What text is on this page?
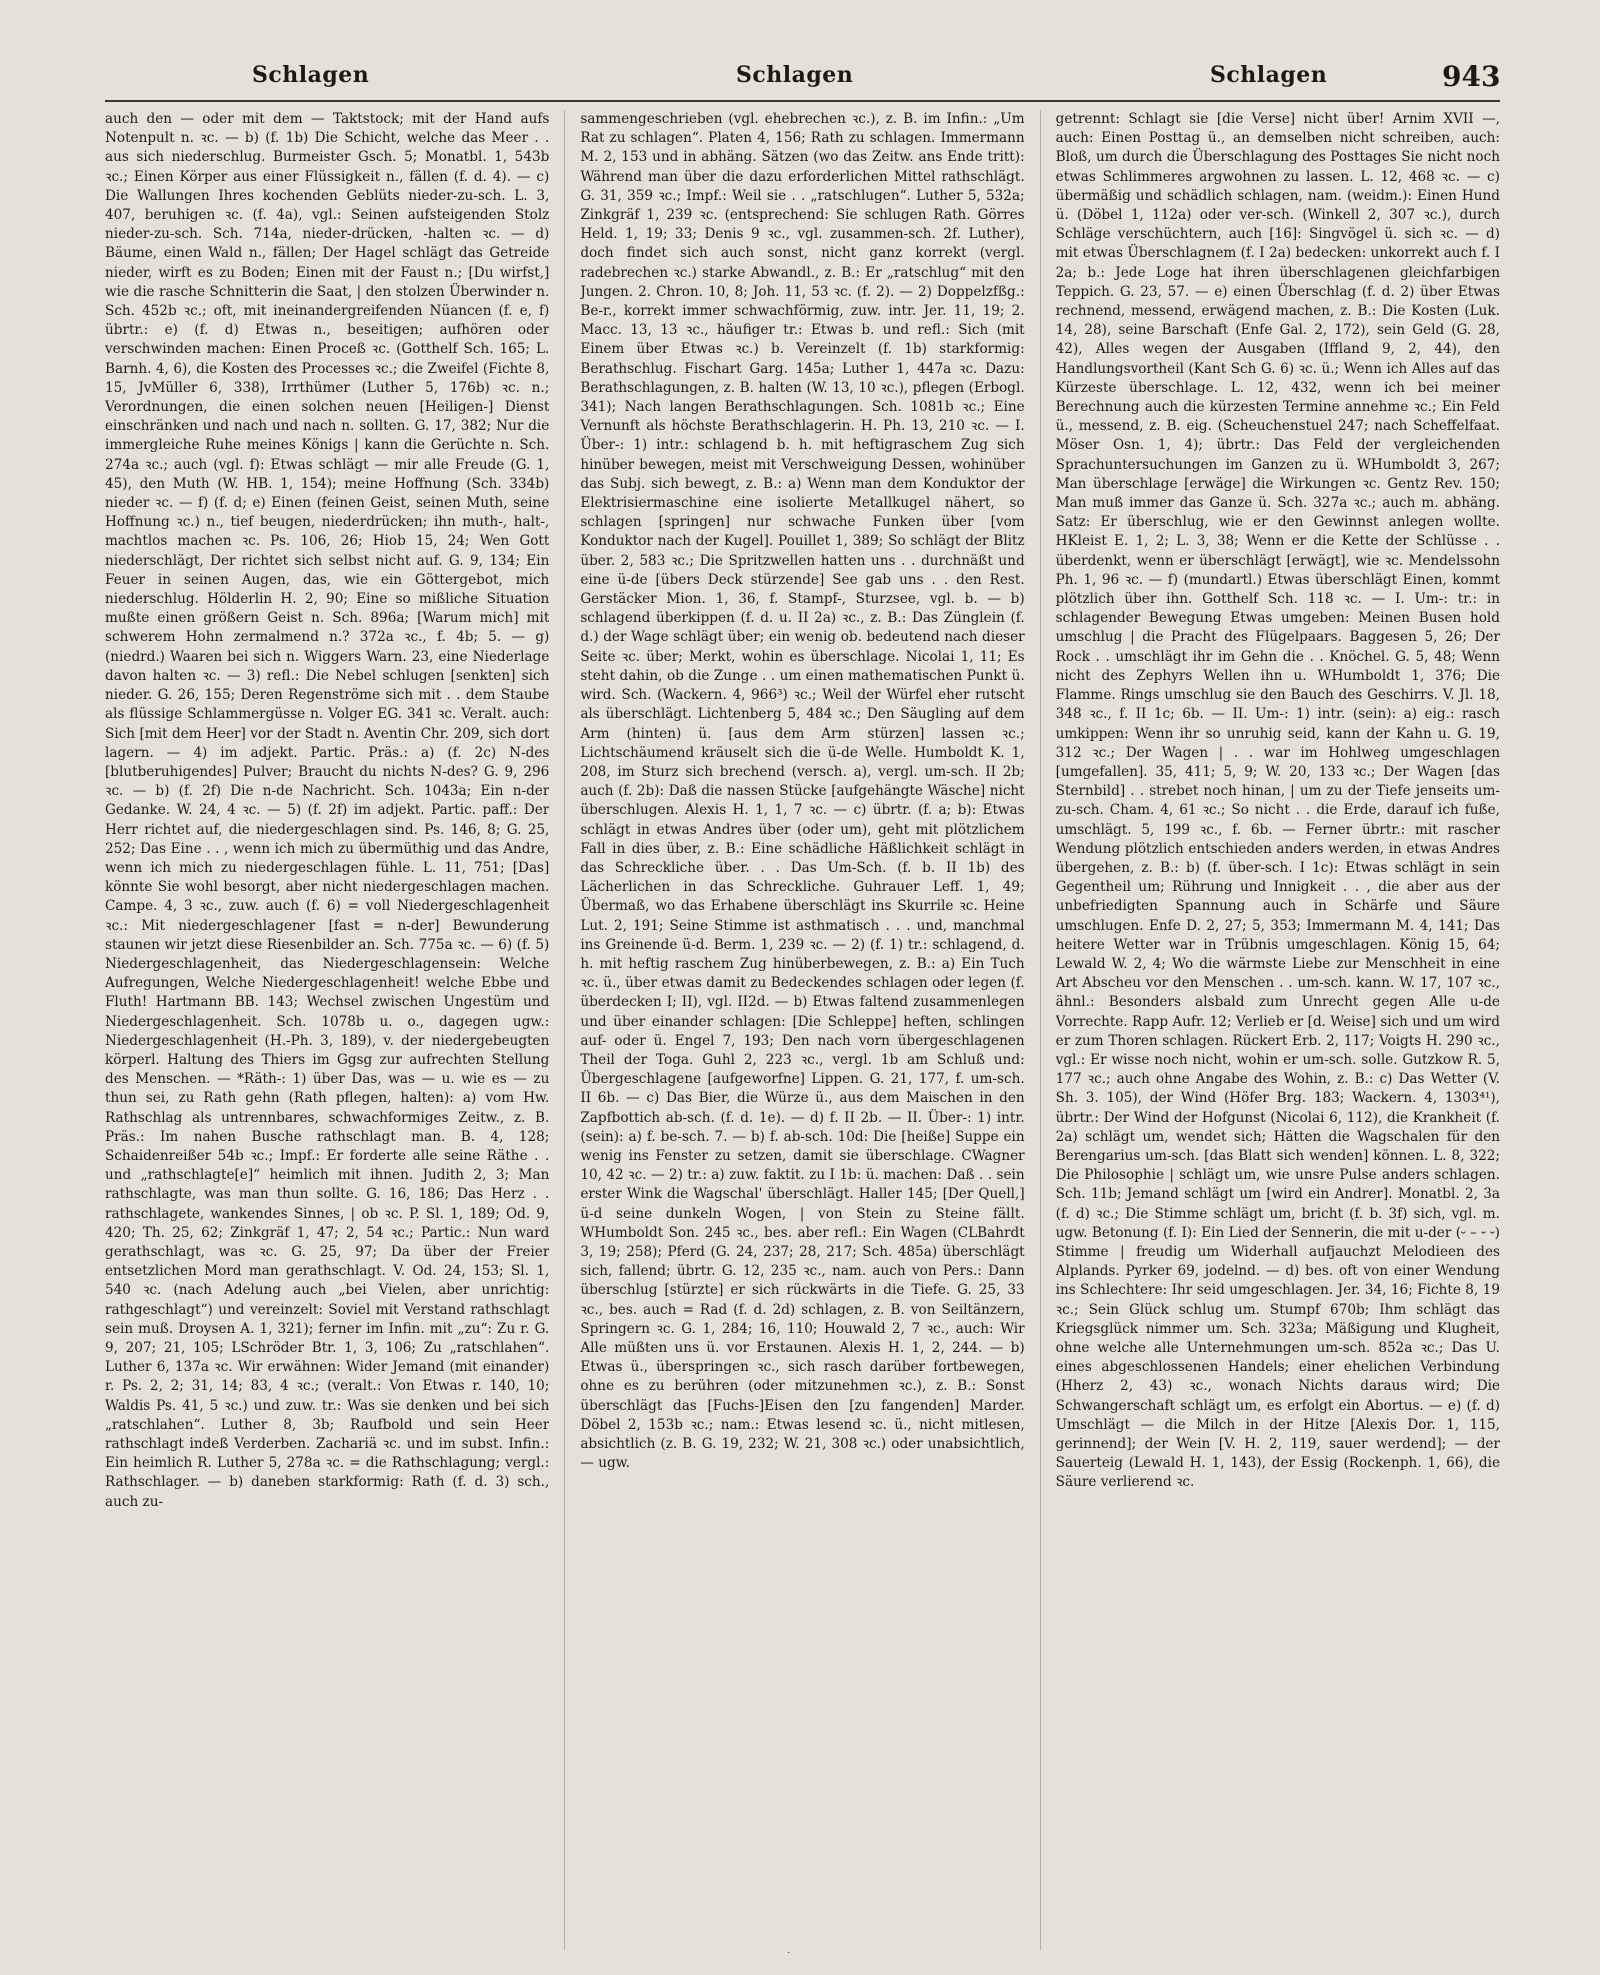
Schlagen	Schlagen	Schlagen	943

auch den — oder mit dem — Taktstock; mit der Hand aufs Notenpult n. ꝛc. — b) (f. 1b) Die Schicht, welche das Meer . . aus sich niederschlug. Burmeister Gsch. 5; Monatbl. 1, 543b ꝛc.; Einen Körper aus einer Flüssigkeit n., fällen (f. d. 4). — c) Die Wallungen Ihres kochenden Geblüts nieder-zu-sch. L. 3, 407, beruhigen ꝛc. (f. 4a), vgl.: Seinen aufsteigenden Stolz nieder-zu-sch. Sch. 714a, nieder-drücken, -halten ꝛc. — d) Bäume, einen Wald n., fällen; Der Hagel schlägt das Getreide nieder, wirft es zu Boden; Einen mit der Faust n.; [Du wirfst,] wie die rasche Schnitterin die Saat, | den stolzen Überwinder n. Sch. 452b ꝛc.; oft, mit ineinandergreifenden Nüancen (f. e, f) übrtr.: e) (f. d) Etwas n., beseitigen; aufhören oder verschwinden machen: Einen Proceß ꝛc. (Gotthelf Sch. 165; L. Barnh. 4, 6), die Kosten des Processes ꝛc.; die Zweifel (Fichte 8, 15, JvMüller 6, 338), Irrthümer (Luther 5, 176b) ꝛc. n.; Verordnungen, die einen solchen neuen [Heiligen-] Dienst einschränken und nach und nach n. sollten. G. 17, 382; Nur die immergleiche Ruhe meines Königs | kann die Gerüchte n. Sch. 274a ꝛc.; auch (vgl. f): Etwas schlägt — mir alle Freude (G. 1, 45), den Muth (W. HB. 1, 154); meine Hoffnung (Sch. 334b) nieder ꝛc. — f) (f. d; e) Einen (feinen Geist, seinen Muth, seine Hoffnung ꝛc.) n., tief beugen, niederdrücken; ihn muth-, halt-, machtlos machen ꝛc. Ps. 106, 26; Hiob 15, 24; Wen Gott niederschlägt, Der richtet sich selbst nicht auf. G. 9, 134; Ein Feuer in seinen Augen, das, wie ein Göttergebot, mich niederschlug. Hölderlin H. 2, 90; Eine so mißliche Situation mußte einen größern Geist n. Sch. 896a; [Warum mich] mit schwerem Hohn zermalmend n.? 372a ꝛc., f. 4b; 5. — g) (niedrd.) Waaren bei sich n. Wiggers Warn. 23, eine Niederlage davon halten ꝛc. — 3) refl.: Die Nebel schlugen [senkten] sich nieder. G. 26, 155; Deren Regenströme sich mit . . dem Staube als flüssige Schlammergüsse n. Volger EG. 341 ꝛc. Veralt. auch: Sich [mit dem Heer] vor der Stadt n. Aventin Chr. 209, sich dort lagern. — 4) im adjekt. Partic. Präs.: a) (f. 2c) N-des [blutberuhigendes] Pulver; Braucht du nichts N-des? G. 9, 296 ꝛc. — b) (f. 2f) Die n-de Nachricht. Sch. 1043a; Ein n-der Gedanke. W. 24, 4 ꝛc. — 5) (f. 2f) im adjekt. Partic. paff.: Der Herr richtet auf, die niedergeschlagen sind. Ps. 146, 8; G. 25, 252; Das Eine . . , wenn ich mich zu übermüthig und das Andre, wenn ich mich zu niedergeschlagen fühle. L. 11, 751; [Das] könnte Sie wohl besorgt, aber nicht niedergeschlagen machen. Campe. 4, 3 ꝛc., zuw. auch (f. 6) = voll Niedergeschlagenheit ꝛc.: Mit niedergeschlagener [fast = n-der] Bewunderung staunen wir jetzt diese Riesenbilder an. Sch. 775a ꝛc. — 6) (f. 5) Niedergeschlagenheit, das Niedergeschlagensein: Welche Aufregungen, Welche Niedergeschlagenheit! welche Ebbe und Fluth! Hartmann BB. 143; Wechsel zwischen Ungestüm und Niedergeschlagenheit. Sch. 1078b u. o., dagegen ugw.: Niedergeschlagenheit (H.-Ph. 3, 189), v. der niedergebeugten körperl. Haltung des Thiers im Ggsg zur aufrechten Stellung des Menschen. — *Räth-: 1) über Das, was — u. wie es — zu thun sei, zu Rath gehn (Rath pflegen, halten): a) vom Hw. Rathschlag als untrennbares, schwachformiges Zeitw., z. B. Präs.: Im nahen Busche rathschlagt man. B. 4, 128; Schaidenreißer 54b ꝛc.; Impf.: Er forderte alle seine Räthe . . und „rathschlagte[e]“ heimlich mit ihnen. Judith 2, 3; Man rathschlagte, was man thun sollte. G. 16, 186; Das Herz . . rathschlagete, wankendes Sinnes, | ob ꝛc. P. Sl. 1, 189; Od. 9, 420; Th. 25, 62; Zinkgräf 1, 47; 2, 54 ꝛc.; Partic.: Nun ward gerathschlagt, was ꝛc. G. 25, 97; Da über der Freier entsetzlichen Mord man gerathschlagt. V. Od. 24, 153; Sl. 1, 540 ꝛc. (nach Adelung auch „bei Vielen, aber unrichtig: rathgeschlagt“) und vereinzelt: Soviel mit Verstand rathschlagt sein muß. Droysen A. 1, 321); ferner im Infin. mit „zu“: Zu r. G. 9, 207; 21, 105; LSchröder Btr. 1, 3, 106; Zu „ratschlahen“. Luther 6, 137a ꝛc. Wir erwähnen: Wider Jemand (mit einander) r. Ps. 2, 2; 31, 14; 83, 4 ꝛc.; (veralt.: Von Etwas r. 140, 10; Waldis Ps. 41, 5 ꝛc.) und zuw. tr.: Was sie denken und bei sich „ratschlahen“. Luther 8, 3b; Raufbold und sein Heer rathschlagt indeß Verderben. Zachariä ꝛc. und im subst. Infin.: Ein heimlich R. Luther 5, 278a ꝛc. = die Rathschlagung; vergl.: Rathschlager. — b) daneben starkformig: Rath (f. d. 3) sch., auch zu-

sammengeschrieben (vgl. ehebrechen ꝛc.), z. B. im Infin.: „Um Rat zu schlagen“. Platen 4, 156; Rath zu schlagen. Immermann M. 2, 153 und in abhäng. Sätzen (wo das Zeitw. ans Ende tritt): Während man über die dazu erforderlichen Mittel rathschlägt. G. 31, 359 ꝛc.; Impf.: Weil sie . . „ratschlugen“. Luther 5, 532a; Zinkgräf 1, 239 ꝛc. (entsprechend: Sie schlugen Rath. Görres Held. 1, 19; 33; Denis 9 ꝛc., vgl. zusammen-sch. 2f. Luther), doch findet sich auch sonst, nicht ganz korrekt (vergl. radebrechen ꝛc.) starke Abwandl., z. B.: Er „ratschlug“ mit den Jungen. 2. Chron. 10, 8; Joh. 11, 53 ꝛc. (f. 2). — 2) Doppelzfßg.: Be-r., korrekt immer schwachförmig, zuw. intr. Jer. 11, 19; 2. Macc. 13, 13 ꝛc., häufiger tr.: Etwas b. und refl.: Sich (mit Einem über Etwas ꝛc.) b. Vereinzelt (f. 1b) starkformig: Berathschlug. Fischart Garg. 145a; Luther 1, 447a ꝛc. Dazu: Berathschlagungen, z. B. halten (W. 13, 10 ꝛc.), pflegen (Erbogl. 341); Nach langen Berathschlagungen. Sch. 1081b ꝛc.; Eine Vernunft als höchste Berathschlagerin. H. Ph. 13, 210 ꝛc. — I. Über-: 1) intr.: schlagend b. h. mit heftigraschem Zug sich hinüber bewegen, meist mit Verschweigung Dessen, wohinüber das Subj. sich bewegt, z. B.: a) Wenn man dem Konduktor der Elektrisiermaschine eine isolierte Metallkugel nähert, so schlagen [springen] nur schwache Funken über [vom Konduktor nach der Kugel]. Pouillet 1, 389; So schlägt der Blitz über. 2, 583 ꝛc.; Die Spritzwellen hatten uns . . durchnäßt und eine ü-de [übers Deck stürzende] See gab uns . . den Rest. Gerstäcker Mion. 1, 36, f. Stampf-, Sturzsee, vgl. b. — b) schlagend überkippen (f. d. u. II 2a) ꝛc., z. B.: Das Zünglein (f. d.) der Wage schlägt über; ein wenig ob. bedeutend nach dieser Seite ꝛc. über; Merkt, wohin es überschlage. Nicolai 1, 11; Es steht dahin, ob die Zunge . . um einen mathematischen Punkt ü. wird. Sch. (Wackern. 4, 966³) ꝛc.; Weil der Würfel eher rutscht als überschlägt. Lichtenberg 5, 484 ꝛc.; Den Säugling auf dem Arm (hinten) ü. [aus dem Arm stürzen] lassen ꝛc.; Lichtschäumend kräuselt sich die ü-de Welle. Humboldt K. 1, 208, im Sturz sich brechend (versch. a), vergl. um-sch. II 2b; auch (f. 2b): Daß die nassen Stücke [aufgehängte Wäsche] nicht überschlugen. Alexis H. 1, 1, 7 ꝛc. — c) übrtr. (f. a; b): Etwas schlägt in etwas Andres über (oder um), geht mit plötzlichem Fall in dies über, z. B.: Eine schädliche Häßlichkeit schlägt in das Schreckliche über. . . Das Um-Sch. (f. b. II 1b) des Lächerlichen in das Schreckliche. Guhrauer Leff. 1, 49; Übermaß, wo das Erhabene überschlägt ins Skurrile ꝛc. Heine Lut. 2, 191; Seine Stimme ist asthmatisch . . . und, manchmal ins Greinende ü-d. Berm. 1, 239 ꝛc. — 2) (f. 1) tr.: schlagend, d. h. mit heftig raschem Zug hinüberbewegen, z. B.: a) Ein Tuch ꝛc. ü., über etwas damit zu Bedeckendes schlagen oder legen (f. überdecken I; II), vgl. II2d. — b) Etwas faltend zusammenlegen und über einander schlagen: [Die Schleppe] heften, schlingen auf- oder ü. Engel 7, 193; Den nach vorn übergeschlagenen Theil der Toga. Guhl 2, 223 ꝛc., vergl. 1b am Schluß und: Übergeschlagene [aufgeworfne] Lippen. G. 21, 177, f. um-sch. II 6b. — c) Das Bier, die Würze ü., aus dem Maischen in den Zapfbottich ab-sch. (f. d. 1e). — d) f. II 2b. — II. Über-: 1) intr. (sein): a) f. be-sch. 7. — b) f. ab-sch. 10d: Die [heiße] Suppe ein wenig ins Fenster zu setzen, damit sie überschlage. CWagner 10, 42 ꝛc. — 2) tr.: a) zuw. faktit. zu I 1b: ü. machen: Daß . . sein erster Wink die Wagschal' überschlägt. Haller 145; [Der Quell,] ü-d seine dunkeln Wogen, | von Stein zu Steine fällt. WHumboldt Son. 245 ꝛc., bes. aber refl.: Ein Wagen (CLBahrdt 3, 19; 258); Pferd (G. 24, 237; 28, 217; Sch. 485a) überschlägt sich, fallend; übrtr. G. 12, 235 ꝛc., nam. auch von Pers.: Dann überschlug [stürzte] er sich rückwärts in die Tiefe. G. 25, 33 ꝛc., bes. auch = Rad (f. d. 2d) schlagen, z. B. von Seiltänzern, Springern ꝛc. G. 1, 284; 16, 110; Houwald 2, 7 ꝛc., auch: Wir Alle müßten uns ü. vor Erstaunen. Alexis H. 1, 2, 244. — b) Etwas ü., überspringen ꝛc., sich rasch darüber fortbewegen, ohne es zu berühren (oder mitzunehmen ꝛc.), z. B.: Sonst überschlägt das [Fuchs-]Eisen den [zu fangenden] Marder. Döbel 2, 153b ꝛc.; nam.: Etwas lesend ꝛc. ü., nicht mitlesen, absichtlich (z. B. G. 19, 232; W. 21, 308 ꝛc.) oder unabsichtlich, — ugw.

getrennt: Schlagt sie [die Verse] nicht über! Arnim XVII —, auch: Einen Posttag ü., an demselben nicht schreiben, auch: Bloß, um durch die Überschlagung des Posttages Sie nicht noch etwas Schlimmeres argwohnen zu lassen. L. 12, 468 ꝛc. — c) übermäßig und schädlich schlagen, nam. (weidm.): Einen Hund ü. (Döbel 1, 112a) oder ver-sch. (Winkell 2, 307 ꝛc.), durch Schläge verschüchtern, auch [16]: Singvögel ü. sich ꝛc. — d) mit etwas Überschlagnem (f. I 2a) bedecken: unkorrekt auch f. I 2a; b.: Jede Loge hat ihren überschlagenen gleichfarbigen Teppich. G. 23, 57. — e) einen Überschlag (f. d. 2) über Etwas rechnend, messend, erwägend machen, z. B.: Die Kosten (Luk. 14, 28), seine Barschaft (Enfe Gal. 2, 172), sein Geld (G. 28, 42), Alles wegen der Ausgaben (Iffland 9, 2, 44), den Handlungsvortheil (Kant Sch G. 6) ꝛc. ü.; Wenn ich Alles auf das Kürzeste überschlage. L. 12, 432, wenn ich bei meiner Berechnung auch die kürzesten Termine annehme ꝛc.; Ein Feld ü., messend, z. B. eig. (Scheuchenstuel 247; nach Scheffelfaat. Möser Osn. 1, 4); übrtr.: Das Feld der vergleichenden Sprachuntersuchungen im Ganzen zu ü. WHumboldt 3, 267; Man überschlage [erwäge] die Wirkungen ꝛc. Gentz Rev. 150; Man muß immer das Ganze ü. Sch. 327a ꝛc.; auch m. abhäng. Satz: Er überschlug, wie er den Gewinnst anlegen wollte. HKleist E. 1, 2; L. 3, 38; Wenn er die Kette der Schlüsse . . überdenkt, wenn er überschlägt [erwägt], wie ꝛc. Mendelssohn Ph. 1, 96 ꝛc. — f) (mundartl.) Etwas überschlägt Einen, kommt plötzlich über ihn. Gotthelf Sch. 118 ꝛc. — I. Um-: tr.: in schlagender Bewegung Etwas umgeben: Meinen Busen hold umschlug | die Pracht des Flügelpaars. Baggesen 5, 26; Der Rock . . umschlägt ihr im Gehn die . . Knöchel. G. 5, 48; Wenn nicht des Zephyrs Wellen ihn u. WHumboldt 1, 376; Die Flamme. Rings umschlug sie den Bauch des Geschirrs. V. Jl. 18, 348 ꝛc., f. II 1c; 6b. — II. Um-: 1) intr. (sein): a) eig.: rasch umkippen: Wenn ihr so unruhig seid, kann der Kahn u. G. 19, 312 ꝛc.; Der Wagen | . . war im Hohlweg umgeschlagen [umgefallen]. 35, 411; 5, 9; W. 20, 133 ꝛc.; Der Wagen [das Sternbild] . . strebet noch hinan, | um zu der Tiefe jenseits um-zu-sch. Cham. 4, 61 ꝛc.; So nicht . . die Erde, darauf ich fuße, umschlägt. 5, 199 ꝛc., f. 6b. — Ferner übrtr.: mit rascher Wendung plötzlich entschieden anders werden, in etwas Andres übergehen, z. B.: b) (f. über-sch. I 1c): Etwas schlägt in sein Gegentheil um; Rührung und Innigkeit . . , die aber aus der unbefriedigten Spannung auch in Schärfe und Säure umschlugen. Enfe D. 2, 27; 5, 353; Immermann M. 4, 141; Das heitere Wetter war in Trübnis umgeschlagen. König 15, 64; Lewald W. 2, 4; Wo die wärmste Liebe zur Menschheit in eine Art Abscheu vor den Menschen . . um-sch. kann. W. 17, 107 ꝛc., ähnl.: Besonders alsbald zum Unrecht gegen Alle u-de Vorrechte. Rapp Aufr. 12; Verlieb er [d. Weise] sich und um wird er zum Thoren schlagen. Rückert Erb. 2, 117; Voigts H. 290 ꝛc., vgl.: Er wisse noch nicht, wohin er um-sch. solle. Gutzkow R. 5, 177 ꝛc.; auch ohne Angabe des Wohin, z. B.: c) Das Wetter (V. Sh. 3. 105), der Wind (Höfer Brg. 183; Wackern. 4, 1303⁴¹), übrtr.: Der Wind der Hofgunst (Nicolai 6, 112), die Krankheit (f. 2a) schlägt um, wendet sich; Hätten die Wagschalen für den Berengarius um-sch. [das Blatt sich wenden] können. L. 8, 322; Die Philosophie | schlägt um, wie unsre Pulse anders schlagen. Sch. 11b; Jemand schlägt um [wird ein Andrer]. Monatbl. 2, 3a (f. d) ꝛc.; Die Stimme schlägt um, bricht (f. b. 3f) sich, vgl. m. ugw. Betonung (f. I): Ein Lied der Sennerin, die mit u-der (⏑ – ⏑ ⏑) Stimme | freudig um Widerhall aufjauchzt Melodieen des Alplands. Pyrker 69, jodelnd. — d) bes. oft von einer Wendung ins Schlechtere: Ihr seid umgeschlagen. Jer. 34, 16; Fichte 8, 19 ꝛc.; Sein Glück schlug um. Stumpf 670b; Ihm schlägt das Kriegsglück nimmer um. Sch. 323a; Mäßigung und Klugheit, ohne welche alle Unternehmungen um-sch. 852a ꝛc.; Das U. eines abgeschlossenen Handels; einer ehelichen Verbindung (Hherz 2, 43) ꝛc., wonach Nichts daraus wird; Die Schwangerschaft schlägt um, es erfolgt ein Abortus. — e) (f. d) Umschlägt — die Milch in der Hitze [Alexis Dor. 1, 115, gerinnend]; der Wein [V. H. 2, 119, sauer werdend]; — der Sauerteig (Lewald H. 1, 143), der Essig (Rockenph. 1, 66), die Säure verlierend ꝛc.

·
